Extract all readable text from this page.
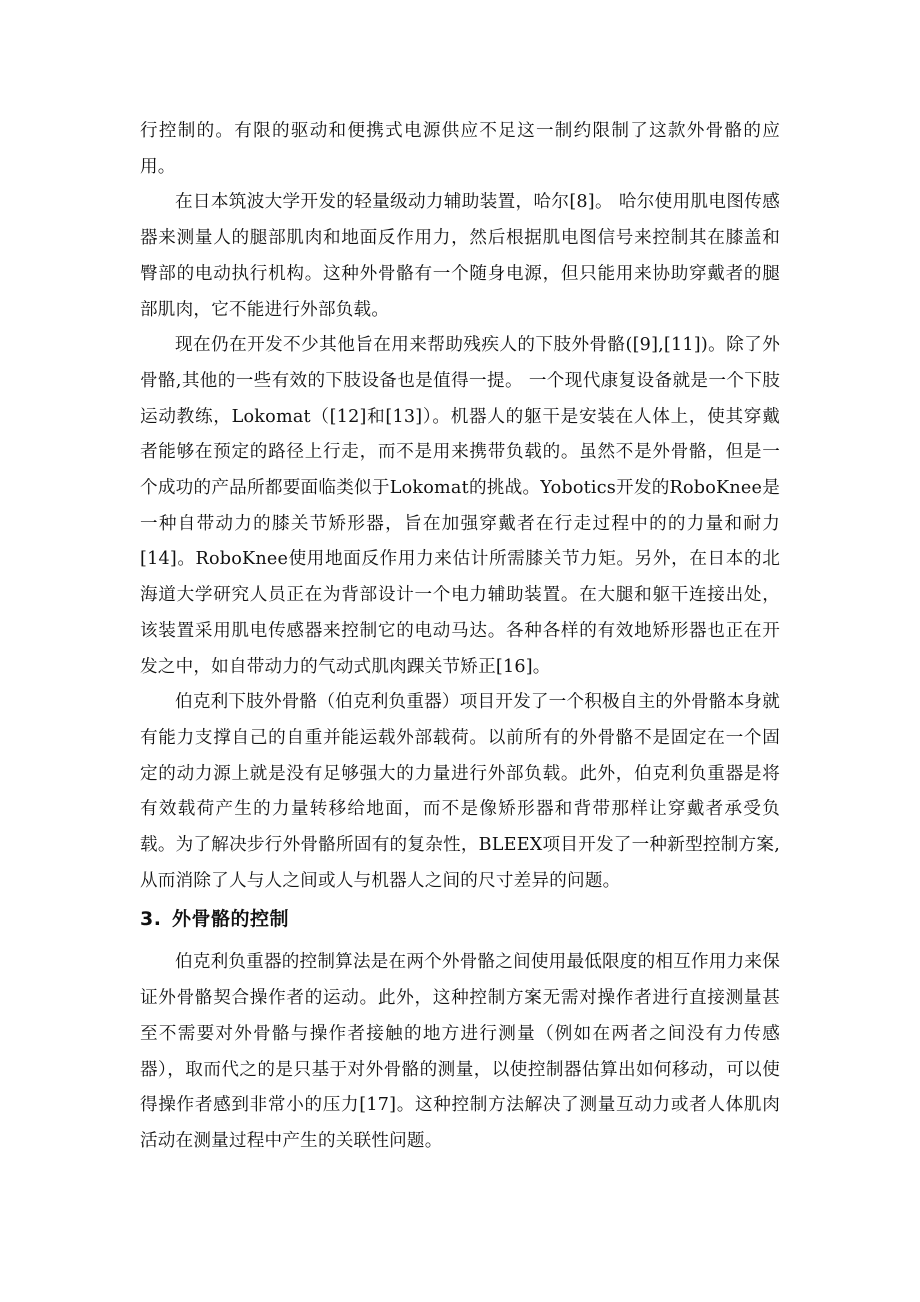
行控制的。有限的驱动和便携式电源供应不足这一制约限制了这款外骨骼的应用。

在日本筑波大学开发的轻量级动力辅助装置，哈尔[8]。 哈尔使用肌电图传感器来测量人的腿部肌肉和地面反作用力，然后根据肌电图信号来控制其在膝盖和臀部的电动执行机构。这种外骨骼有一个随身电源，但只能用来协助穿戴者的腿部肌肉，它不能进行外部负载。

现在仍在开发不少其他旨在用来帮助残疾人的下肢外骨骼([9],[11])。除了外骨骼,其他的一些有效的下肢设备也是值得一提。 一个现代康复设备就是一个下肢运动教练，Lokomat（[12]和[13]）。机器人的躯干是安装在人体上，使其穿戴者能够在预定的路径上行走，而不是用来携带负载的。虽然不是外骨骼，但是一个成功的产品所都要面临类似于Lokomat的挑战。Yobotics开发的RoboKnee是一种自带动力的膝关节矫形器，旨在加强穿戴者在行走过程中的的力量和耐力[14]。RoboKnee使用地面反作用力来估计所需膝关节力矩。另外，在日本的北海道大学研究人员正在为背部设计一个电力辅助装置。在大腿和躯干连接出处，该装置采用肌电传感器来控制它的电动马达。各种各样的有效地矫形器也正在开发之中，如自带动力的气动式肌肉踝关节矫正[16]。

伯克利下肢外骨骼（伯克利负重器）项目开发了一个积极自主的外骨骼本身就有能力支撑自己的自重并能运载外部载荷。以前所有的外骨骼不是固定在一个固定的动力源上就是没有足够强大的力量进行外部负载。此外，伯克利负重器是将有效载荷产生的力量转移给地面，而不是像矫形器和背带那样让穿戴者承受负载。为了解决步行外骨骼所固有的复杂性，BLEEX项目开发了一种新型控制方案,从而消除了人与人之间或人与机器人之间的尺寸差异的问题。

3. 外骨骼的控制

伯克利负重器的控制算法是在两个外骨骼之间使用最低限度的相互作用力来保证外骨骼契合操作者的运动。此外，这种控制方案无需对操作者进行直接测量甚至不需要对外骨骼与操作者接触的地方进行测量（例如在两者之间没有力传感器），取而代之的是只基于对外骨骼的测量，以使控制器估算出如何移动，可以使得操作者感到非常小的压力[17]。这种控制方法解决了测量互动力或者人体肌肉活动在测量过程中产生的关联性问题。
